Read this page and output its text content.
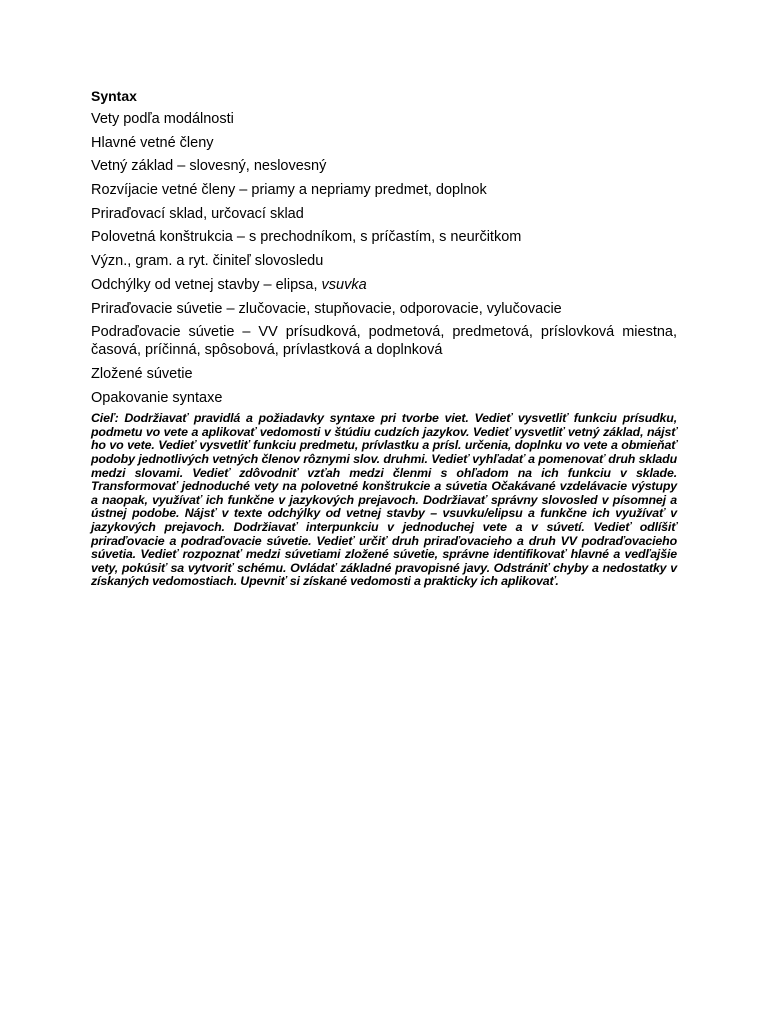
Syntax
Vety podľa modálnosti
Hlavné vetné členy
Vetný základ – slovesný, neslovesný
Rozvíjacie vetné členy – priamy a nepriamy predmet, doplnok
Priraďovací sklad, určovací sklad
Polovetná konštrukcia – s prechodníkom, s príčastím, s neurčitkom
Význ., gram. a ryt. činiteľ slovosledu
Odchýlky od vetnej stavby – elipsa, vsuvka
Priraďovacie súvetie – zlučovacie, stupňovacie, odporovacie, vylučovacie
Podraďovacie súvetie – VV prísudková, podmetová, predmetová, príslovková miestna, časová, príčinná, spôsobová, prívlastková a doplnková
Zložené súvetie
Opakovanie syntaxe

Cieľ: Dodržiavať pravidlá a požiadavky syntaxe pri tvorbe viet. Vedieť vysvetliť funkciu prísudku, podmetu vo vete a aplikovať vedomosti v štúdiu cudzích jazykov. Vedieť vysvetliť vetný základ, nájsť ho vo vete. Vedieť vysvetliť funkciu predmetu, prívlastku a prísl. určenia, doplnku vo vete a obmieňať podoby jednotlivých vetných členov rôznymi slov. druhmi. Vedieť vyhľadať a pomenovať druh skladu medzi slovami. Vedieť zdôvodniť vzťah medzi členmi s ohľadom na ich funkciu v sklade. Transformovať jednoduché vety na polovetné konštrukcie a súvetia Očakávané vzdelávacie výstupy a naopak, využívať ich funkčne v jazykových prejavoch. Dodržiavať správny slovosled v písomnej a ústnej podobe. Nájsť v texte odchýlky od vetnej stavby – vsuvku/elipsu a funkčne ich využívať v jazykových prejavoch. Dodržiavať interpunkciu v jednoduchej vete a v súvetí. Vedieť odlíšiť priraďovacie a podraďovacie súvetie. Vedieť určiť druh priraďovacieho a druh VV podraďovacieho súvetia. Vedieť rozpoznať medzi súvetiami zložené súvetie, správne identifikovať hlavné a vedľajšie vety, pokúsiť sa vytvoriť schému. Ovládať základné pravopisné javy. Odstrániť chyby a nedostatky v získaných vedomostiach. Upevniť si získané vedomosti a prakticky ich aplikovať.
